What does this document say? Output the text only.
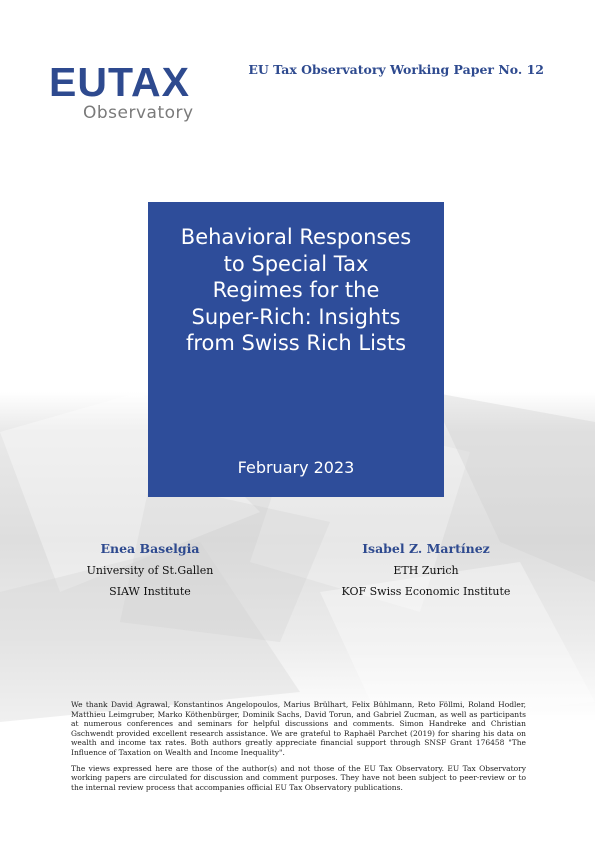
EUTAX
Observatory
EU Tax Observatory Working Paper No. 12
Behavioral Responses
to Special Tax
Regimes for the
Super-Rich: Insights
from Swiss Rich Lists
February 2023
Enea Baselgia
University of St.Gallen
SIAW Institute
Isabel Z. Martínez
ETH Zurich
KOF Swiss Economic Institute

We thank David Agrawal, Konstantinos Angelopoulos, Marius Brülhart, Felix Bühlmann, Reto Föllmi, Roland Hodler, Matthieu Leimgruber, Marko Köthenbürger, Dominik Sachs, David Torun, and Gabriel Zucman, as well as participants at numerous conferences and seminars for helpful discussions and comments. Simon Handreke and Christian Gschwendt provided excellent research assistance. We are grateful to Raphaël Parchet (2019) for sharing his data on wealth and income tax rates. Both authors greatly appreciate financial support through SNSF Grant 176458 "The Influence of Taxation on Wealth and Income Inequality".

The views expressed here are those of the author(s) and not those of the EU Tax Observatory. EU Tax Observatory working papers are circulated for discussion and comment purposes. They have not been subject to peer-review or to the internal review process that accompanies official EU Tax Observatory publications.
